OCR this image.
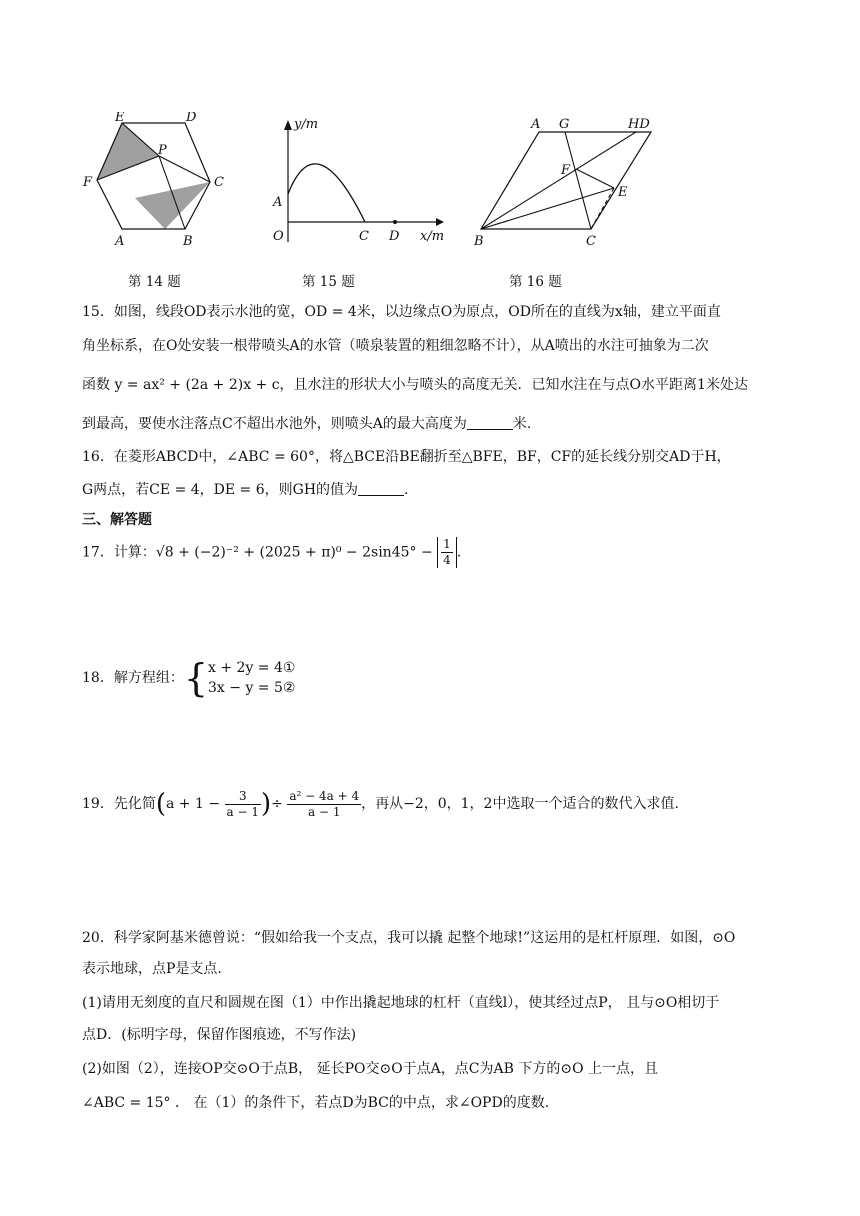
E	D
P
F	C
A	B
y/m
x/m
A
O	C D
A G	HD
F
E
B	C
第 14 题	第 15 题	第 16 题
15．如图，线段OD表示水池的宽，OD = 4米，以边缘点O为原点，OD所在的直线为x轴，建立平面直
角坐标系，在O处安装一根带喷头A的水管（喷泉装置的粗细忽略不计），从A喷出的水注可抽象为二次
函数 y = ax² + (2a + 2)x + c，且水注的形状大小与喷头的高度无关．已知水注在与点O水平距离1米处达
到最高，要使水注落点C不超出水池外，则喷头A的最大高度为	米.
16．在菱形ABCD中，∠ABC = 60°，将△BCE沿BE翻折至△BFE，BF，CF的延长线分别交AD于H，
G两点，若CE = 4，DE = 6，则GH的值为	.
三、解答题
17．计算：$√8 + (-2)^{-2} + (2025 + \pi)^0 - 2\sin 45^\circ - \frac{1}{4}$ .
18．解方程组：{ x + 2y = 4①
3x − y = 5②
19．先化简($a + 1 - \frac{3}{a - 1}$ )÷ $\frac{\text{a² − 4a + 4}}{a - 1}$ ，再从−2，0，1，2中选取一个适合的数代入求值.
20．科学家阿基米德曾说：“假如给我一个支点，我可以撬 起整个地球!”这运用的是杠杆原理．如图，⊙O
表示地球，点P是支点.
(1)请用无刻度的直尺和圆规在图（1）中作出撬起地球的杠杆（直线l），使其经过点P， 且与⊙O相切于
点D．(标明字母，保留作图痕迹，不写作法)
(2)如图（2），连接OP交⊙O于点B， 延长PO交⊙O于点A，点C为AB 下方的⊙O 上一点，且
∠ABC = 15° ． 在（1）的条件下，若点D为BC的中点，求∠OPD的度数.
